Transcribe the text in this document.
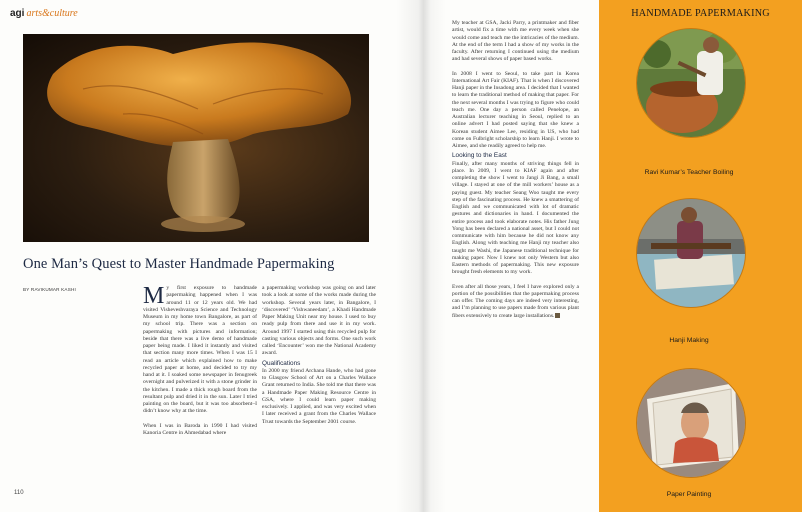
agi arts&culture
One Man’s Quest to Master Handmade Papermaking
BY RAVIKUMAR KASHI	M y first exposure to handmade papermaking happened when I was around 11 or 12 years old. We had visited Visheveshvaraya Science and Technology Museum in my home town Bangalore, as part of my school trip. There was a section on papermaking with pictures and information; beside that there was a live demo of handmade paper being made. I liked it instantly and visited that section many more times. When I was 15 I read an article which explained how to make recycled paper at home, and decided to try my hand at it. I soaked some newspaper in fenugreek overnight and pulverized it with a stone grinder in the kitchen. I made a thick rough board from the resultant pulp and dried it in the sun. Later I tried painting on the board, but it was too absorbent–I didn’t know why at the time.

When I was in Baroda in 1990 I had visited Kanoria Centre in Ahmedabad where

a papermaking workshop was going on and later took a look at some of the works made during the workshop. Several years later, in Bangalore, I ‘discovered’ ‘Vishwaneedam’, a Khadi Handmade Paper Making Unit near my house. I used to buy ready pulp from there and use it in my work. Around 1997 I started using this recycled pulp for casting various objects and forms. One such work called ‘Encounter’ won me the National Academy award.

Qualifications

In 2000 my friend Archana Hande, who had gone to Glasgow School of Art on a Charles Wallace Grant returned to India. She told me that there was a Handmade Paper Making Resource Centre in GSA, where I could learn paper making exclusively. I applied, and was very excited when I later received a grant from the Charles Wallace Trust towards the September 2001 course.

My teacher at GSA, Jacki Parry, a printmaker and fiber artist, would fix a time with me every week when she would come and teach me the intricacies of the medium. At the end of the term I had a show of my works in the faculty. After returning I continued using the medium and had several shows of paper based works.

In 2008 I went to Seoul, to take part in Korea International Art Fair (KIAF). That is when I discovered Hanji paper in the Insadong area. I decided that I wanted to learn the traditional method of making that paper. For the next several months I was trying to figure who could teach me. One day a person called Penelope, an Australian lecturer teaching in Seoul, replied to an online advert I had posted saying that she knew a Korean student Aimee Lee, residing in US, who had come on Fulbright scholarship to learn Hanji. I wrote to Aimee, and she readily agreed to help me.

Looking to the East

Finally, after many months of striving things fell in place. In 2009, I went to KIAF again and after completing the show I went to Jangi Ji Bang, a small village. I stayed at one of the mill workers’ house as a paying guest. My teacher Seang Woo taught me every step of the fascinating process. He knew a smattering of English and we communicated with lot of dramatic gestures and dictionaries in hand. I documented the entire process and took elaborate notes. His father Jung Yong has been declared a national asset, but I could not communicate with him because he did not know any English. Along with teaching me Hanji my teacher also taught me Washi, the Japanese traditional technique for making paper. Now I knew not only Western but also Eastern methods of papermaking. This new exposure brought fresh elements to my work.

Even after all those years, I feel I have explored only a portion of the possibilities that the papermaking process can offer. The coming days are indeed very interesting, and I’m planning to use papers made from various plant fibers extensively to create large installations.

110
HANDMADE PAPERMAKING
Ravi Kumar’s Teacher Boiling
Hanji Making
Paper Painting
